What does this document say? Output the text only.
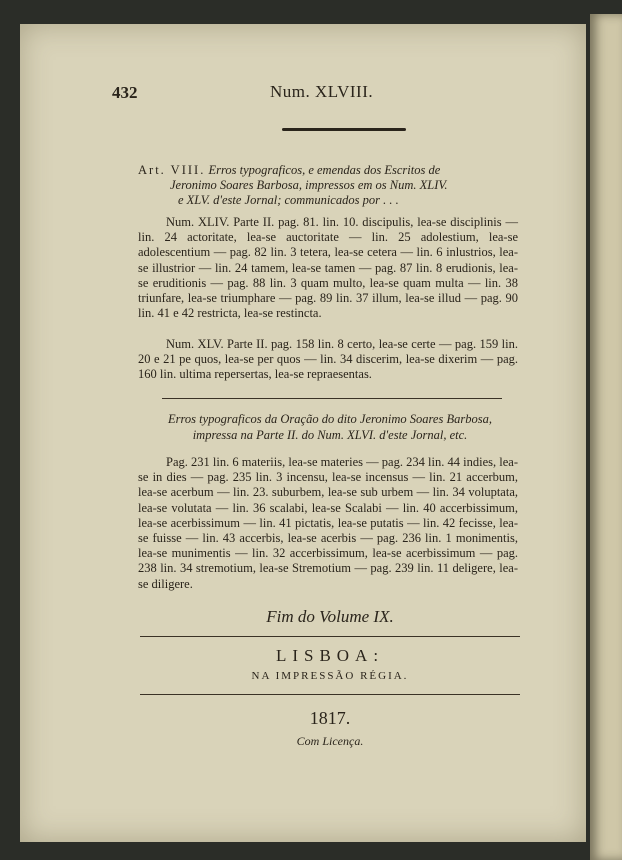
432	Num. XLVIII.
Art. VIII. Erros typograficos, e emendas dos Escritos de
Jeronimo Soares Barbosa, impressos em os Num. XLIV.
e XLV. d'este Jornal; communicados por . . .
Num. XLIV. Parte II. pag. 81. lin. 10. discipulis, lea-se disciplinis — lin. 24 actoritate, lea-se auctoritate — lin. 25 adolestium, lea-se adolescentium — pag. 82 lin. 3 tetera, lea-se cetera — lin. 6 inlustrios, lea-se illustrior — lin. 24 tamem, lea-se tamen — pag. 87 lin. 8 erudionis, lea-se eruditionis — pag. 88 lin. 3 quam multo, lea-se quam multa — lin. 38 triunfare, lea-se triumphare — pag. 89 lin. 37 illum, lea-se illud — pag. 90 lin. 41 e 42 restricta, lea-se restincta.
Num. XLV. Parte II. pag. 158 lin. 8 certo, lea-se certe — pag. 159 lin. 20 e 21 pe quos, lea-se per quos — lin. 34 discerim, lea-se dixerim — pag. 160 lin. ultima repersertas, lea-se repraesentas.
Erros typograficos da Oração do dito Jeronimo Soares Barbosa,
impressa na Parte II. do Num. XLVI. d'este Jornal, etc.
Pag. 231 lin. 6 materiis, lea-se materies — pag. 234 lin. 44 indies, lea-se in dies — pag. 235 lin. 3 incensu, lea-se incensus — lin. 21 accerbum, lea-se acerbum — lin. 23. suburbem, lea-se sub urbem — lin. 34 voluptata, lea-se volutata — lin. 36 scalabi, lea-se Scalabi — lin. 40 accerbissimum, lea-se acerbissimum — lin. 41 pictatis, lea-se putatis — lin. 42 fecisse, lea-se fuisse — lin. 43 accerbis, lea-se acerbis — pag. 236 lin. 1 monimentis, lea-se munimentis — lin. 32 accerbissimum, lea-se acerbissimum — pag. 238 lin. 34 stremotium, lea-se Stremotium — pag. 239 lin. 11 deligere, lea-se diligere.
Fim do Volume IX.
LISBOA:
NA IMPRESSÃO RÉGIA.
1817.
Com Licença.
